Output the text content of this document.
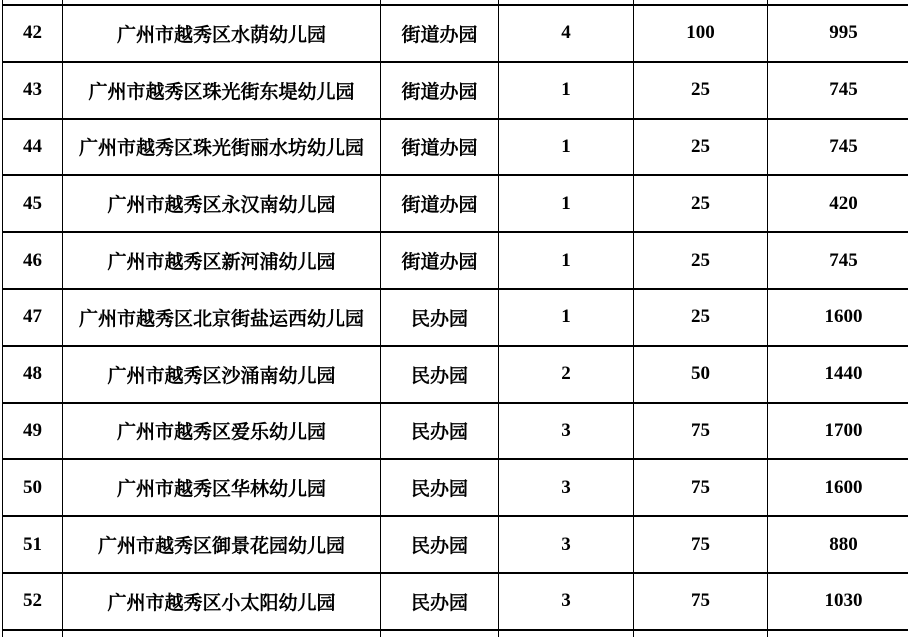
42	广州市越秀区水荫幼儿园	街道办园	4	100	995
43	广州市越秀区珠光街东堤幼儿园	街道办园	1	25	745
44	广州市越秀区珠光街丽水坊幼儿园	街道办园	1	25	745
45	广州市越秀区永汉南幼儿园	街道办园	1	25	420
46	广州市越秀区新河浦幼儿园	街道办园	1	25	745
47	广州市越秀区北京街盐运西幼儿园	民办园	1	25	1600
48	广州市越秀区沙涌南幼儿园	民办园	2	50	1440
49	广州市越秀区爱乐幼儿园	民办园	3	75	1700
50	广州市越秀区华林幼儿园	民办园	3	75	1600
51	广州市越秀区御景花园幼儿园	民办园	3	75	880
52	广州市越秀区小太阳幼儿园	民办园	3	75	1030
